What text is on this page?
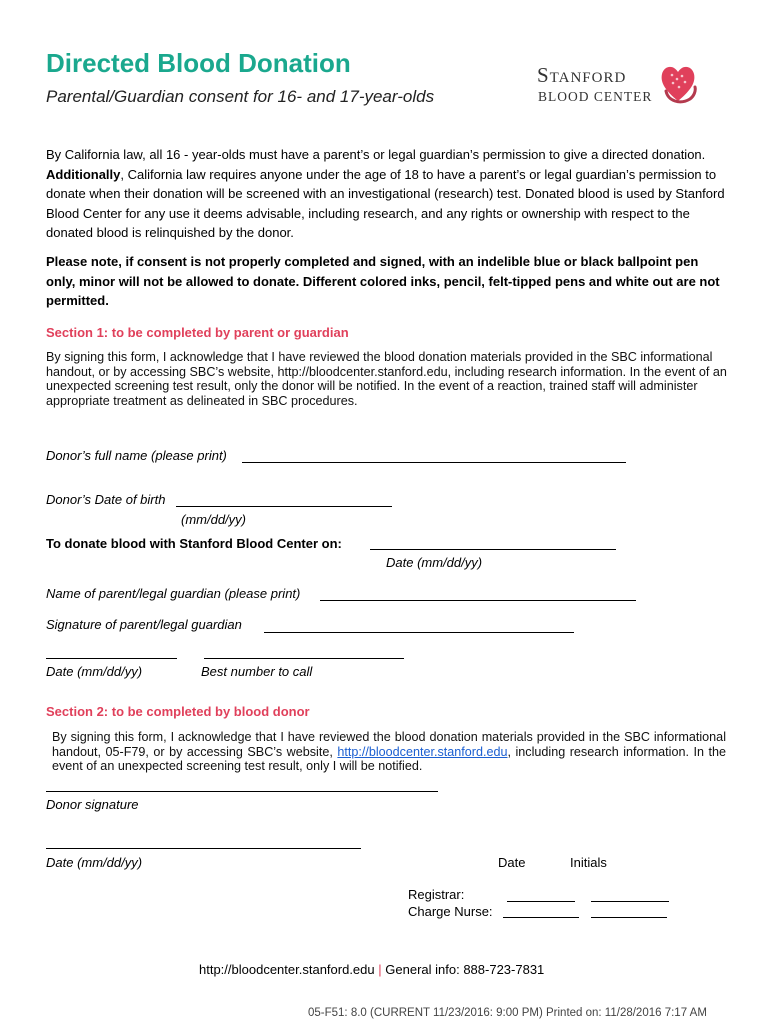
Directed Blood Donation
Parental/Guardian consent for 16- and 17-year-olds
Stanford
BLOOD CENTER
By California law, all 16 - year-olds must have a parent’s or legal guardian’s permission to give a directed donation. Additionally, California law requires anyone under the age of 18 to have a parent’s or legal guardian’s permission to donate when their donation will be screened with an investigational (research) test. Donated blood is used by Stanford Blood Center for any use it deems advisable, including research, and any rights or ownership with respect to the donated blood is relinquished by the donor.
Please note, if consent is not properly completed and signed, with an indelible blue or black ballpoint pen only, minor will not be allowed to donate. Different colored inks, pencil, felt-tipped pens and white out are not permitted.
Section 1: to be completed by parent or guardian
By signing this form, I acknowledge that I have reviewed the blood donation materials provided in the SBC informational handout, or by accessing SBC’s website, http://bloodcenter.stanford.edu, including research information. In the event of an unexpected screening test result, only the donor will be notified. In the event of a reaction, trained staff will administer appropriate treatment as delineated in SBC procedures.
Donor’s full name (please print)
Donor’s Date of birth
(mm/dd/yy)
To donate blood with Stanford Blood Center on:
Date (mm/dd/yy)
Name of parent/legal guardian (please print)
Signature of parent/legal guardian
Date (mm/dd/yy)	Best number to call
Section 2: to be completed by blood donor
By signing this form, I acknowledge that I have reviewed the blood donation materials provided in the SBC informational handout, 05-F79, or by accessing SBC’s website, http://bloodcenter.stanford.edu, including research information. In the event of an unexpected screening test result, only I will be notified.
Donor signature
Date (mm/dd/yy)	Date	Initials
Registrar:
Charge Nurse:
http://bloodcenter.stanford.edu | General info: 888-723-7831
05-F51: 8.0 (CURRENT 11/23/2016: 9:00 PM) Printed on: 11/28/2016 7:17 AM
